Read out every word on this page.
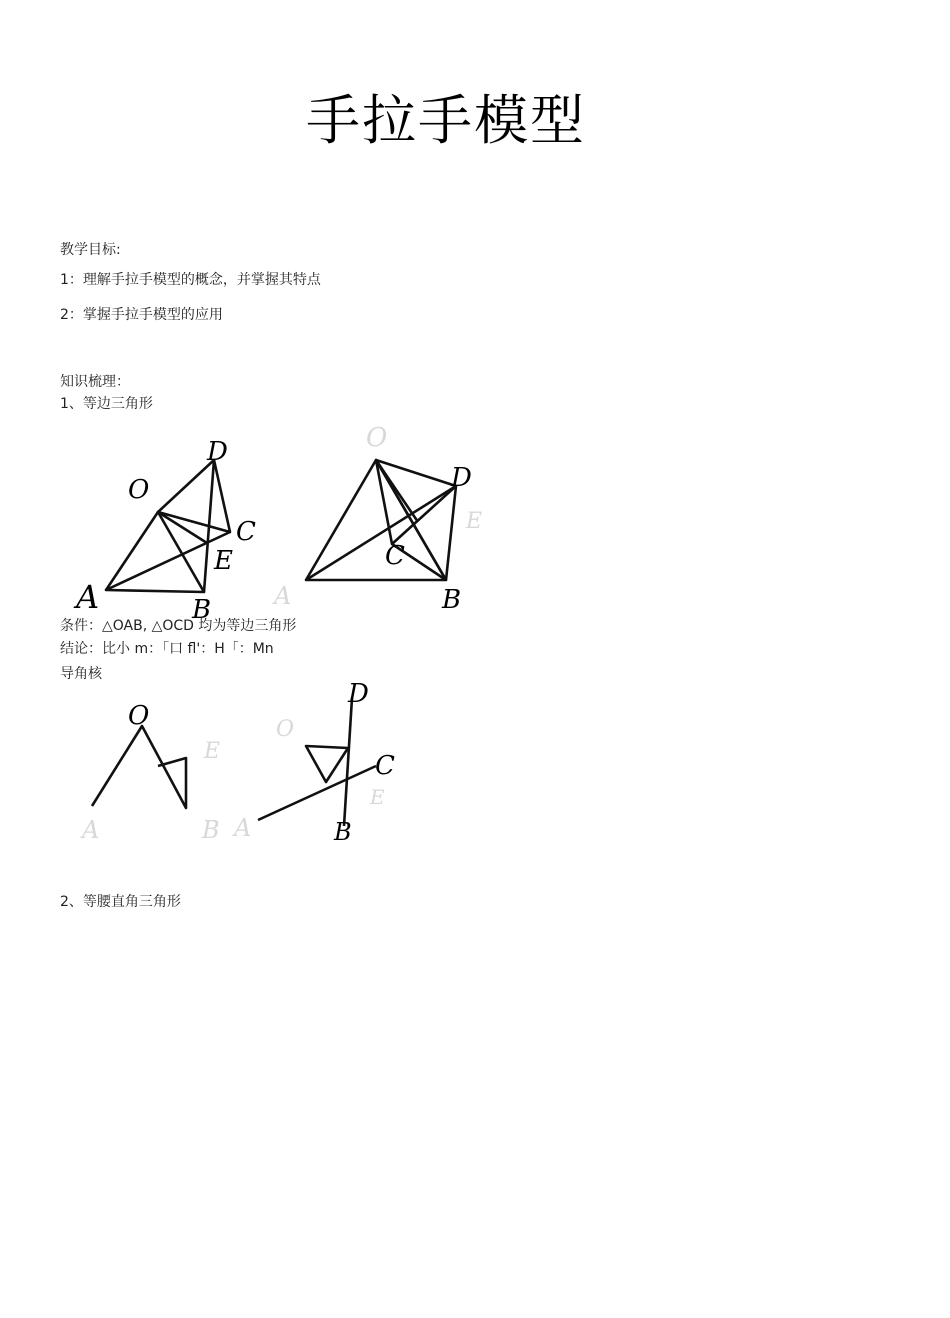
手拉手模型
教学目标:
1：理解手拉手模型的概念，并掌握其特点
2：掌握手拉手模型的应用
知识梳理：
1、等边三角形
O
D
C
E
A	B
O
D
C
B
A
E
条件：△OAB, △OCD 均为等边三角形
结论：比小 m：「口 fl'：H「：Mn
导角核
O
E
A	B
D
O
C
E
A	B
2、等腰直角三角形
